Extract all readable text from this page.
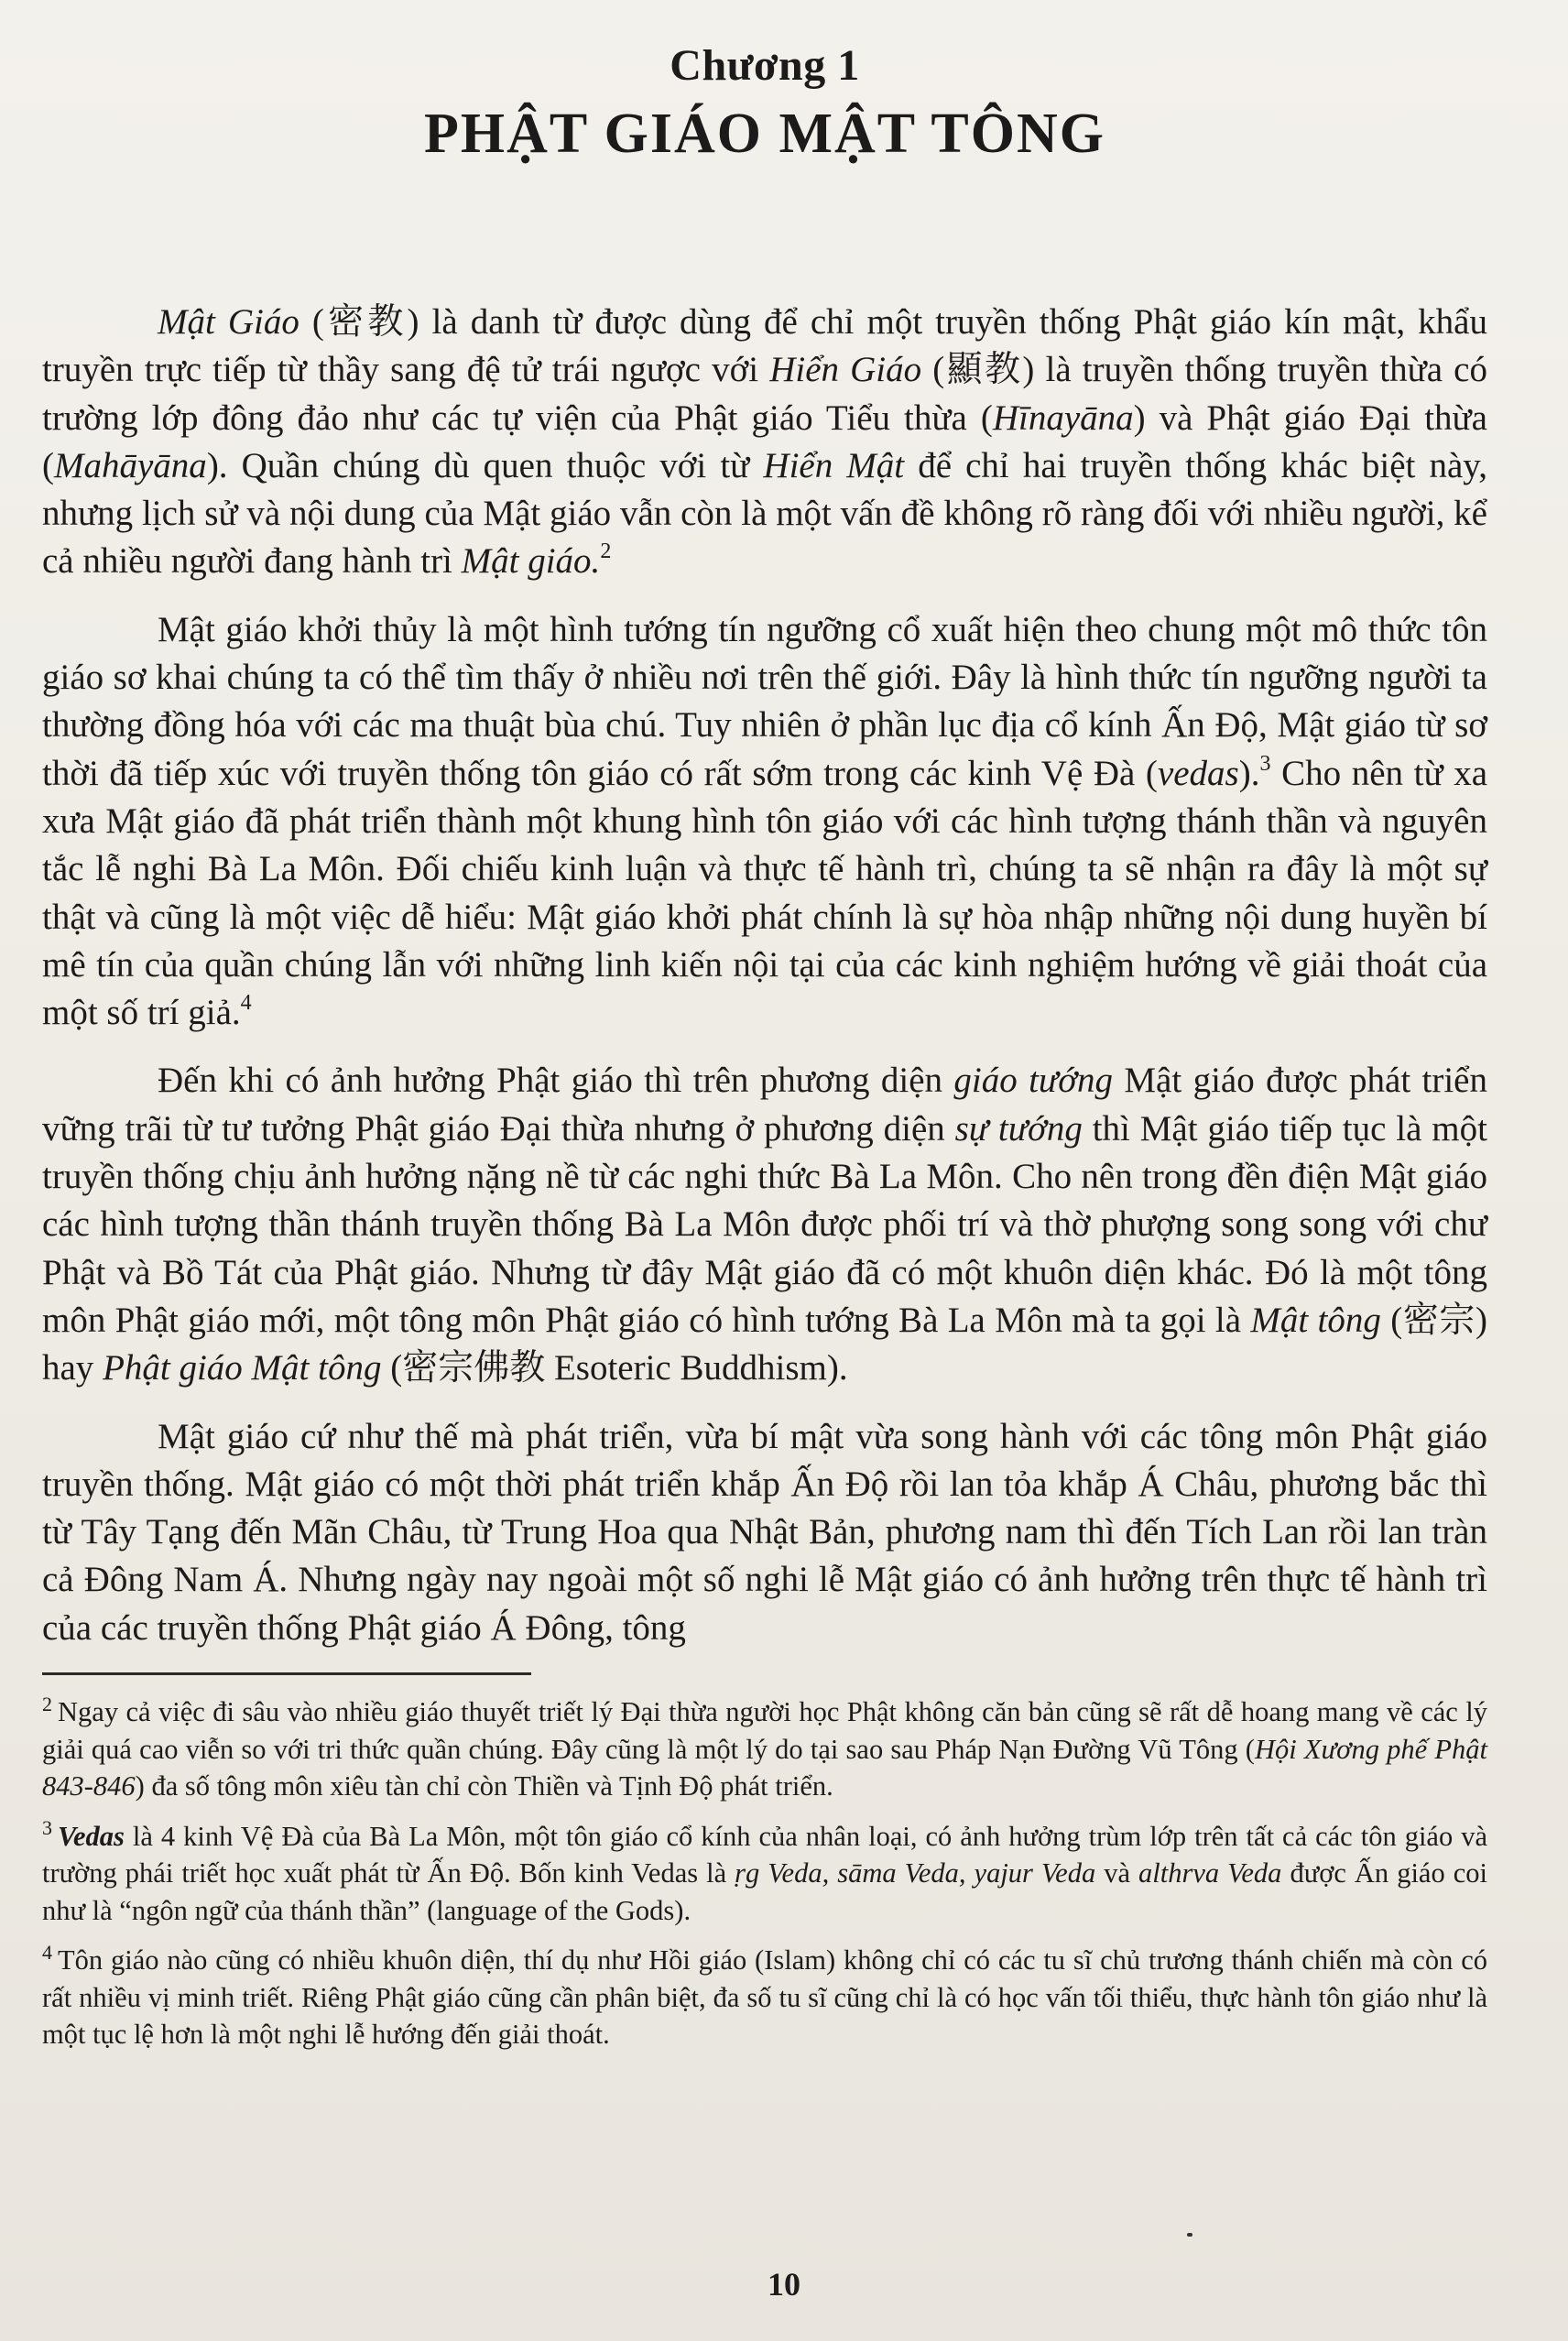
Chương 1
PHẬT GIÁO MẬT TÔNG

Mật Giáo (密教) là danh từ được dùng để chỉ một truyền thống Phật giáo kín mật, khẩu truyền trực tiếp từ thầy sang đệ tử trái ngược với Hiển Giáo (顯教) là truyền thống truyền thừa có trường lớp đông đảo như các tự viện của Phật giáo Tiểu thừa (Hīnayāna) và Phật giáo Đại thừa (Mahāyāna). Quần chúng dù quen thuộc với từ Hiển Mật để chỉ hai truyền thống khác biệt này, nhưng lịch sử và nội dung của Mật giáo vẫn còn là một vấn đề không rõ ràng đối với nhiều người, kể cả nhiều người đang hành trì Mật giáo.$^2$

Mật giáo khởi thủy là một hình tướng tín ngưỡng cổ xuất hiện theo chung một mô thức tôn giáo sơ khai chúng ta có thể tìm thấy ở nhiều nơi trên thế giới. Đây là hình thức tín ngưỡng người ta thường đồng hóa với các ma thuật bùa chú. Tuy nhiên ở phần lục địa cổ kính Ấn Độ, Mật giáo từ sơ thời đã tiếp xúc với truyền thống tôn giáo có rất sớm trong các kinh Vệ Đà (vedas).$^3$ Cho nên từ xa xưa Mật giáo đã phát triển thành một khung hình tôn giáo với các hình tượng thánh thần và nguyên tắc lễ nghi Bà La Môn. Đối chiếu kinh luận và thực tế hành trì, chúng ta sẽ nhận ra đây là một sự thật và cũng là một việc dễ hiểu: Mật giáo khởi phát chính là sự hòa nhập những nội dung huyền bí mê tín của quần chúng lẫn với những linh kiến nội tại của các kinh nghiệm hướng về giải thoát của một số trí giả.$^4$

Đến khi có ảnh hưởng Phật giáo thì trên phương diện giáo tướng Mật giáo được phát triển vững trãi từ tư tưởng Phật giáo Đại thừa nhưng ở phương diện sự tướng thì Mật giáo tiếp tục là một truyền thống chịu ảnh hưởng nặng nề từ các nghi thức Bà La Môn. Cho nên trong đền điện Mật giáo các hình tượng thần thánh truyền thống Bà La Môn được phối trí và thờ phượng song song với chư Phật và Bồ Tát của Phật giáo. Nhưng từ đây Mật giáo đã có một khuôn diện khác. Đó là một tông môn Phật giáo mới, một tông môn Phật giáo có hình tướng Bà La Môn mà ta gọi là Mật tông (密宗) hay Phật giáo Mật tông (密宗佛教 Esoteric Buddhism).

Mật giáo cứ như thế mà phát triển, vừa bí mật vừa song hành với các tông môn Phật giáo truyền thống. Mật giáo có một thời phát triển khắp Ấn Độ rồi lan tỏa khắp Á Châu, phương bắc thì từ Tây Tạng đến Mãn Châu, từ Trung Hoa qua Nhật Bản, phương nam thì đến Tích Lan rồi lan tràn cả Đông Nam Á. Nhưng ngày nay ngoài một số nghi lễ Mật giáo có ảnh hưởng trên thực tế hành trì của các truyền thống Phật giáo Á Đông, tông

$^2$ Ngay cả việc đi sâu vào nhiều giáo thuyết triết lý Đại thừa người học Phật không căn bản cũng sẽ rất dễ hoang mang về các lý giải quá cao viễn so với tri thức quần chúng. Đây cũng là một lý do tại sao sau Pháp Nạn Đường Vũ Tông (Hội Xương phế Phật 843-846) đa số tông môn xiêu tàn chỉ còn Thiền và Tịnh Độ phát triển.
$^3$ Vedas là 4 kinh Vệ Đà của Bà La Môn, một tôn giáo cổ kính của nhân loại, có ảnh hưởng trùm lớp trên tất cả các tôn giáo và trường phái triết học xuất phát từ Ấn Độ. Bốn kinh Vedas là ṛg Veda, sāma Veda, yajur Veda và althrva Veda được Ấn giáo coi như là “ngôn ngữ của thánh thần” (language of the Gods).
$^4$ Tôn giáo nào cũng có nhiều khuôn diện, thí dụ như Hồi giáo (Islam) không chỉ có các tu sĩ chủ trương thánh chiến mà còn có rất nhiều vị minh triết. Riêng Phật giáo cũng cần phân biệt, đa số tu sĩ cũng chỉ là có học vấn tối thiểu, thực hành tôn giáo như là một tục lệ hơn là một nghi lễ hướng đến giải thoát.
10
